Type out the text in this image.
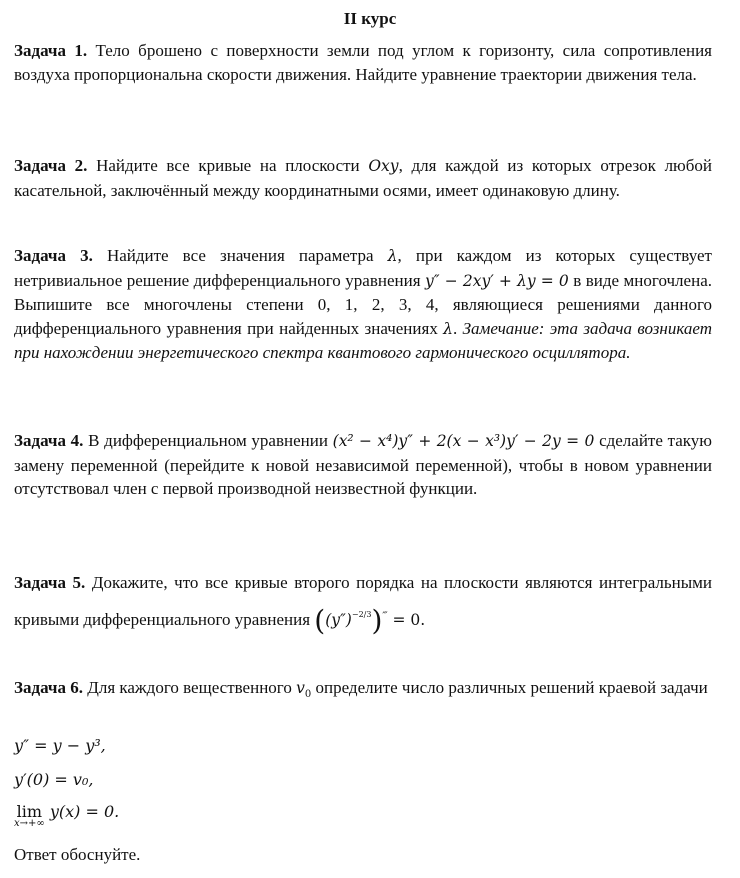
II курс
Задача 1. Тело брошено с поверхности земли под углом к горизонту, сила сопротивления воздуха пропорциональна скорости движения. Найдите уравнение траектории движения тела.
Задача 2. Найдите все кривые на плоскости Oxy, для каждой из которых отрезок любой касательной, заключённый между координатными осями, имеет одинаковую длину.
Задача 3. Найдите все значения параметра λ, при каждом из которых существует нетривиальное решение дифференциального уравнения y″ − 2xy′ + λy = 0 в виде многочлена. Выпишите все многочлены степени 0, 1, 2, 3, 4, являющиеся решениями данного дифференциального уравнения при найденных значениях λ. Замечание: эта задача возникает при нахождении энергетического спектра квантового гармонического осциллятора.
Задача 4. В дифференциальном уравнении (x² − x⁴)y″ + 2(x − x³)y′ − 2y = 0 сделайте такую замену переменной (перейдите к новой независимой переменной), чтобы в новом уравнении отсутствовал член с первой производной неизвестной функции.
Задача 5. Докажите, что все кривые второго порядка на плоскости являются интегральными кривыми дифференциального уравнения ((y″)−2/3)‴ = 0.
Задача 6. Для каждого вещественного $v_0$ определите число различных решений краевой задачи
y″ = y − y³,
y′(0) = v₀,
lim
x→+∞
y(x) = 0.
Ответ обоснуйте.
